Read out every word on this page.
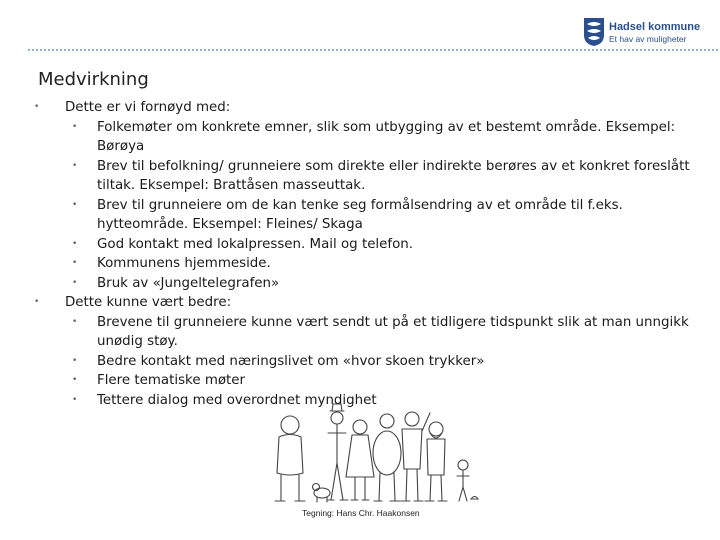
Hadsel kommune
Et hav av muligheter
Medvirkning
• Dette er vi fornøyd med:
• Folkemøter om konkrete emner, slik som utbygging av et bestemt område. Eksempel: Børøya
• Brev til befolkning/ grunneiere som direkte eller indirekte berøres av et konkret foreslått tiltak. Eksempel: Brattåsen masseuttak.
• Brev til grunneiere om de kan tenke seg formålsendring av et område til f.eks. hytteområde. Eksempel: Fleines/ Skaga
• God kontakt med lokalpressen. Mail og telefon.
• Kommunens hjemmeside.
• Bruk av «Jungeltelegrafen»
• Dette kunne vært bedre:
• Brevene til grunneiere kunne vært sendt ut på et tidligere tidspunkt slik at man unngikk unødig støy.
• Bedre kontakt med næringslivet om «hvor skoen trykker»
• Flere tematiske møter
• Tettere dialog med overordnet myndighet
Tegning: Hans Chr. Haakonsen
